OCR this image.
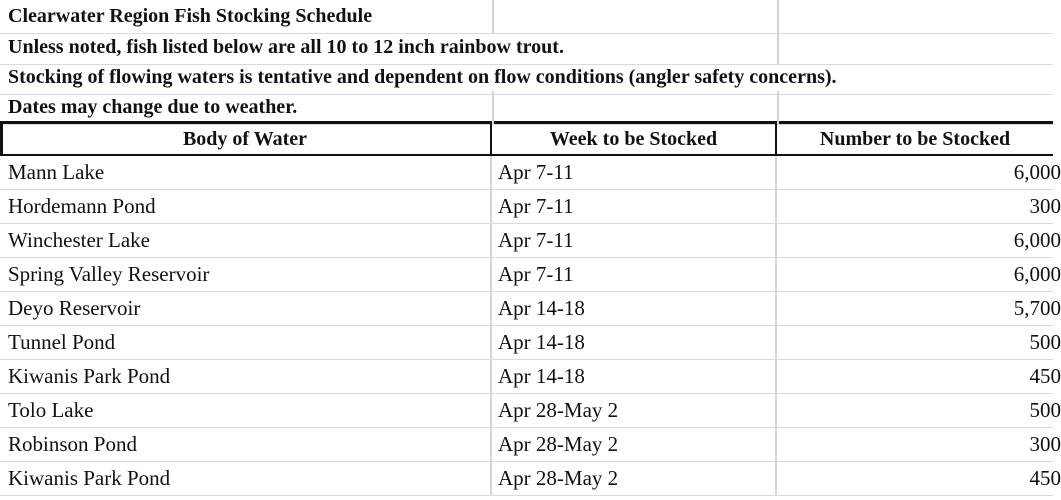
Clearwater Region Fish Stocking Schedule
Unless noted, fish listed below are all 10 to 12 inch rainbow trout.
Stocking of flowing waters is tentative and dependent on flow conditions (angler safety concerns).
Dates may change due to weather.
Body of Water	Week to be Stocked	Number to be Stocked
Mann Lake	Apr 7-11	6,000
Hordemann Pond	Apr 7-11	300
Winchester Lake	Apr 7-11	6,000
Spring Valley Reservoir	Apr 7-11	6,000
Deyo Reservoir	Apr 14-18	5,700
Tunnel Pond	Apr 14-18	500
Kiwanis Park Pond	Apr 14-18	450
Tolo Lake	Apr 28-May 2	500
Robinson Pond	Apr 28-May 2	300
Kiwanis Park Pond	Apr 28-May 2	450
